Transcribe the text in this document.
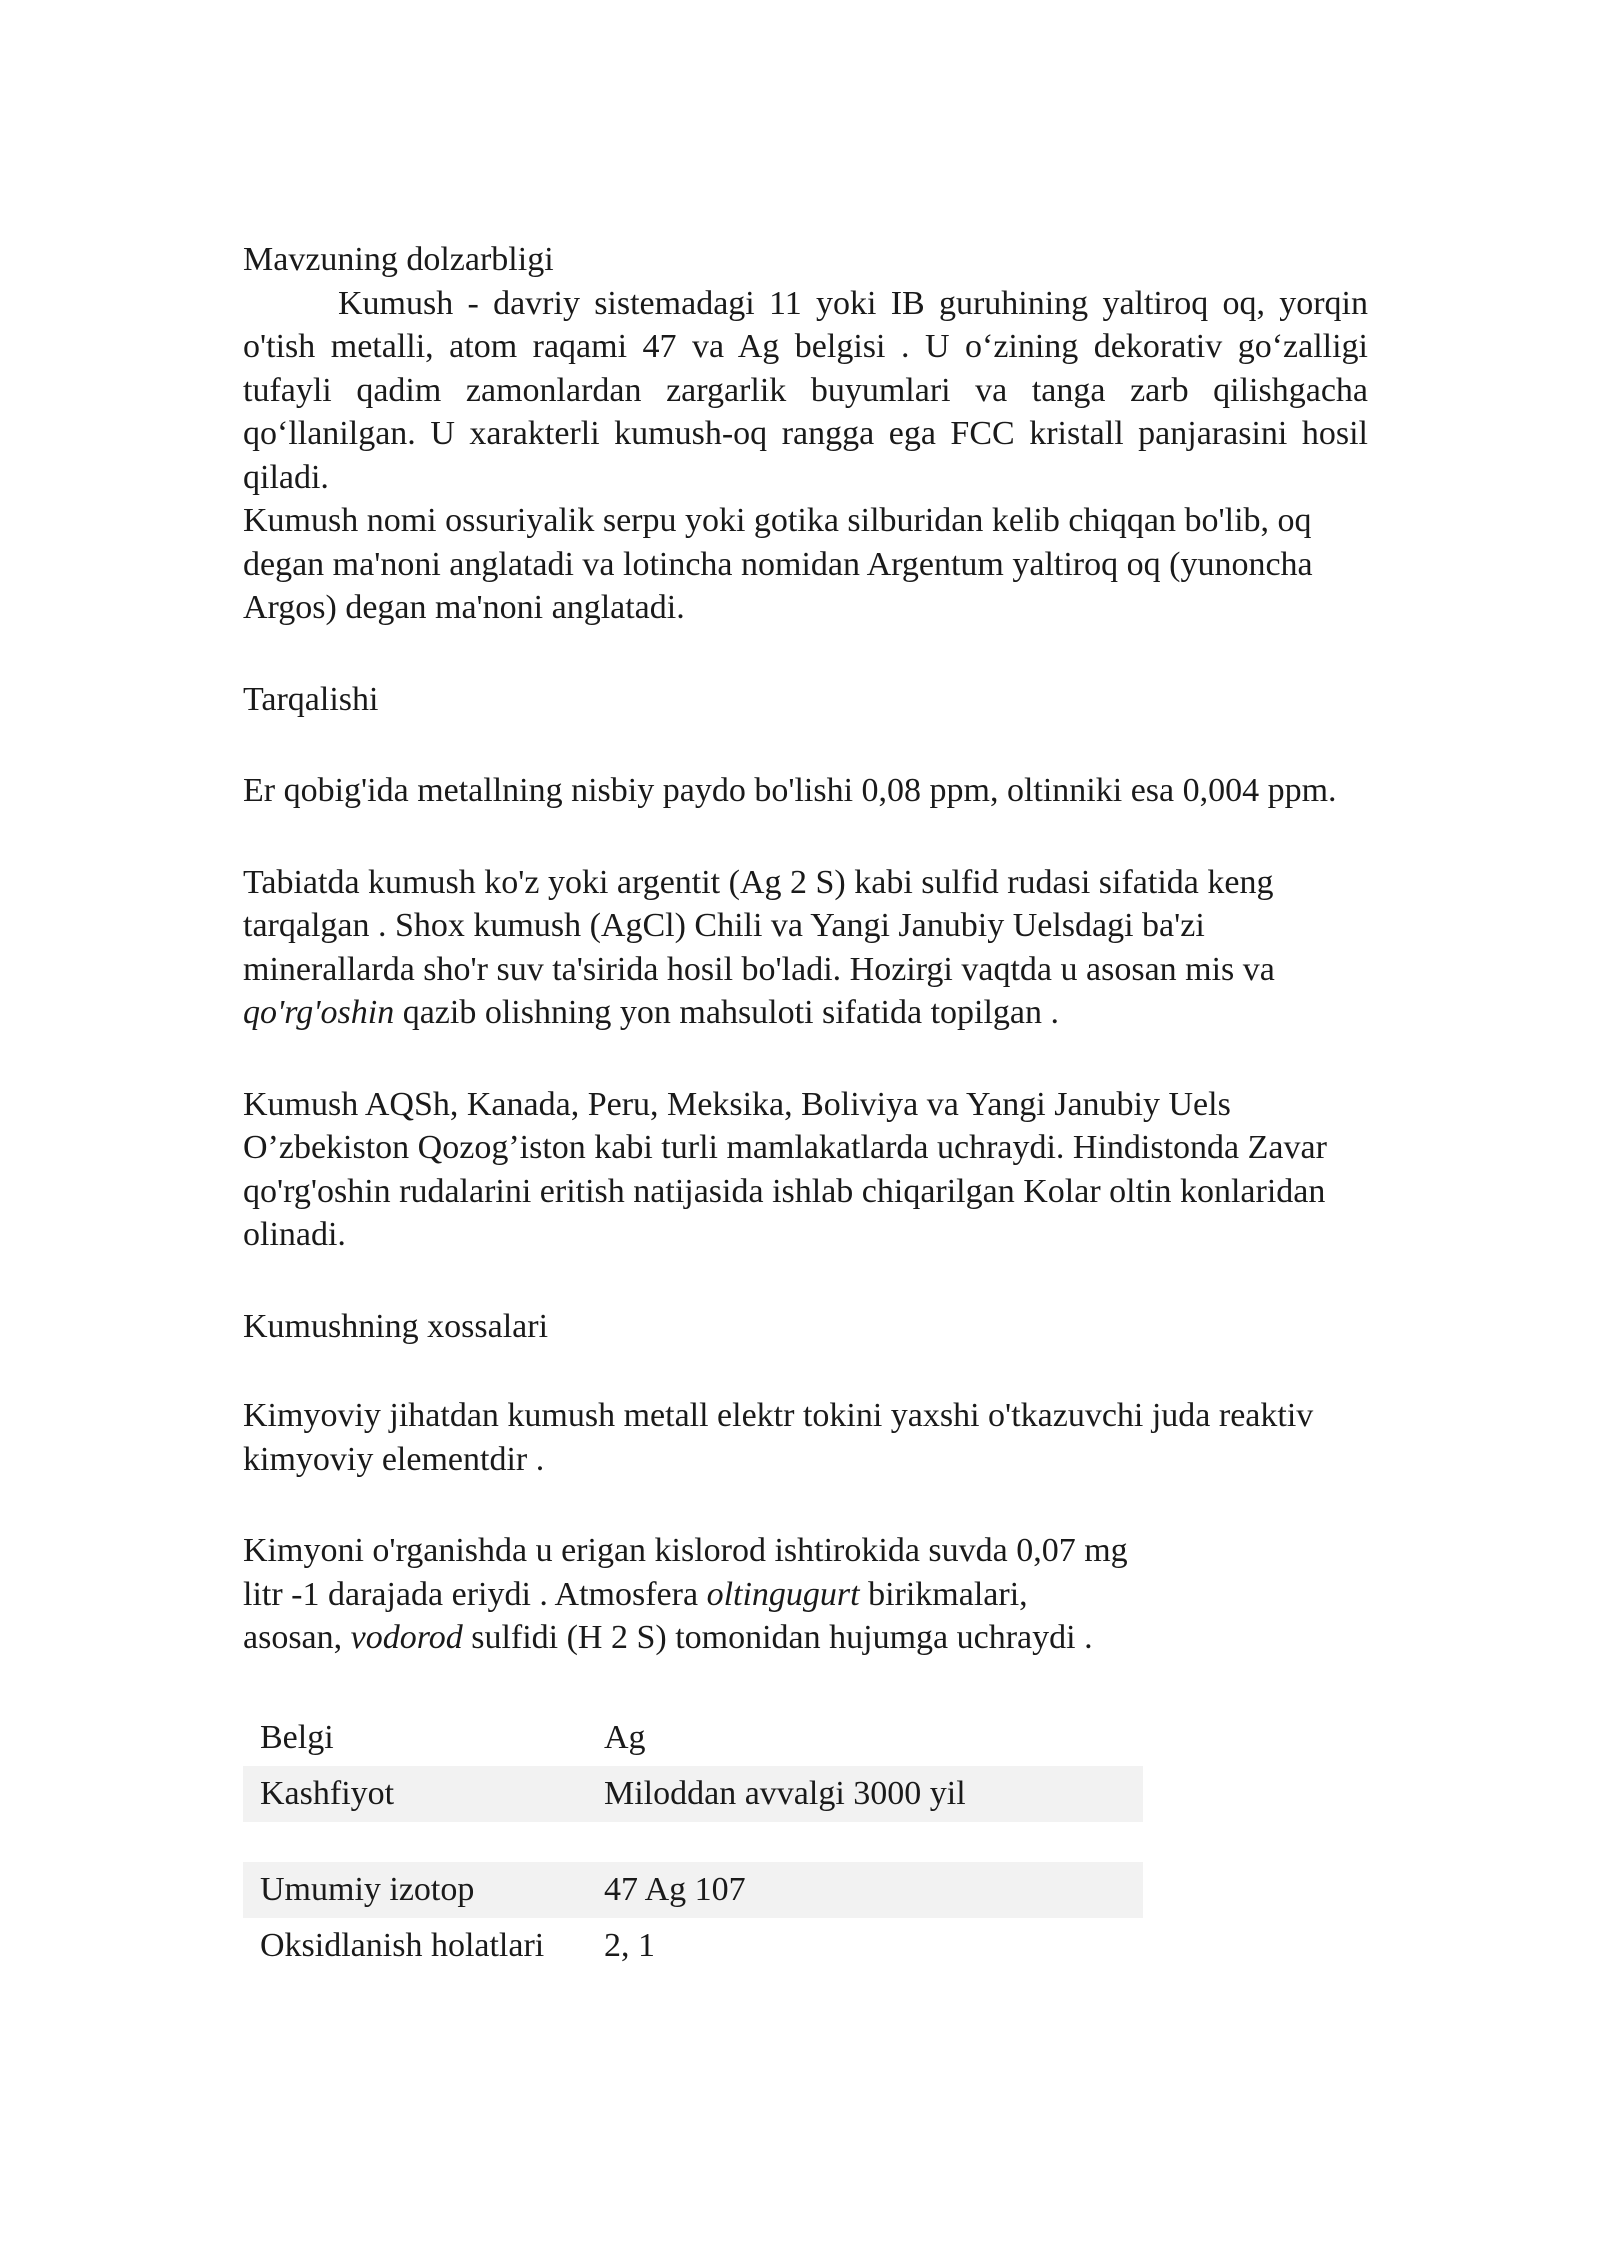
Mavzuning dolzarbligi

Kumush - davriy sistemadagi 11 yoki IB guruhining yaltiroq oq, yorqin o'tish metalli, atom raqami 47 va Ag belgisi . U o‘zining dekorativ go‘zalligi tufayli qadim zamonlardan zargarlik buyumlari va tanga zarb qilishgacha qo‘llanilgan. U xarakterli kumush-oq rangga ega FCC kristall panjarasini hosil qiladi.

Kumush nomi ossuriyalik serpu yoki gotika silburidan kelib chiqqan bo'lib, oq degan ma'noni anglatadi va lotincha nomidan Argentum yaltiroq oq (yunoncha Argos) degan ma'noni anglatadi.

Tarqalishi

Er qobig'ida metallning nisbiy paydo bo'lishi 0,08 ppm, oltinniki esa 0,004 ppm.

Tabiatda kumush ko'z yoki argentit (Ag 2 S) kabi sulfid rudasi sifatida keng tarqalgan . Shox kumush (AgCl) Chili va Yangi Janubiy Uelsdagi ba'zi minerallarda sho'r suv ta'sirida hosil bo'ladi. Hozirgi vaqtda u asosan mis va qo'rg'oshin qazib olishning yon mahsuloti sifatida topilgan .

Kumush AQSh, Kanada, Peru, Meksika, Boliviya va Yangi Janubiy Uels O’zbekiston Qozog’iston kabi turli mamlakatlarda uchraydi. Hindistonda Zavar qo'rg'oshin rudalarini eritish natijasida ishlab chiqarilgan Kolar oltin konlaridan olinadi.

Kumushning xossalari

Kimyoviy jihatdan kumush metall elektr tokini yaxshi o'tkazuvchi juda reaktiv kimyoviy elementdir .

Kimyoni o'rganishda u erigan kislorod ishtirokida suvda 0,07 mg
litr -1 darajada eriydi . Atmosfera oltingugurt birikmalari,
asosan, vodorod sulfidi (H 2 S) tomonidan hujumga uchraydi .

Belgi	Ag
Kashfiyot	Miloddan avvalgi 3000 yil

Umumiy izotop	47 Ag 107
Oksidlanish holatlari	2, 1
